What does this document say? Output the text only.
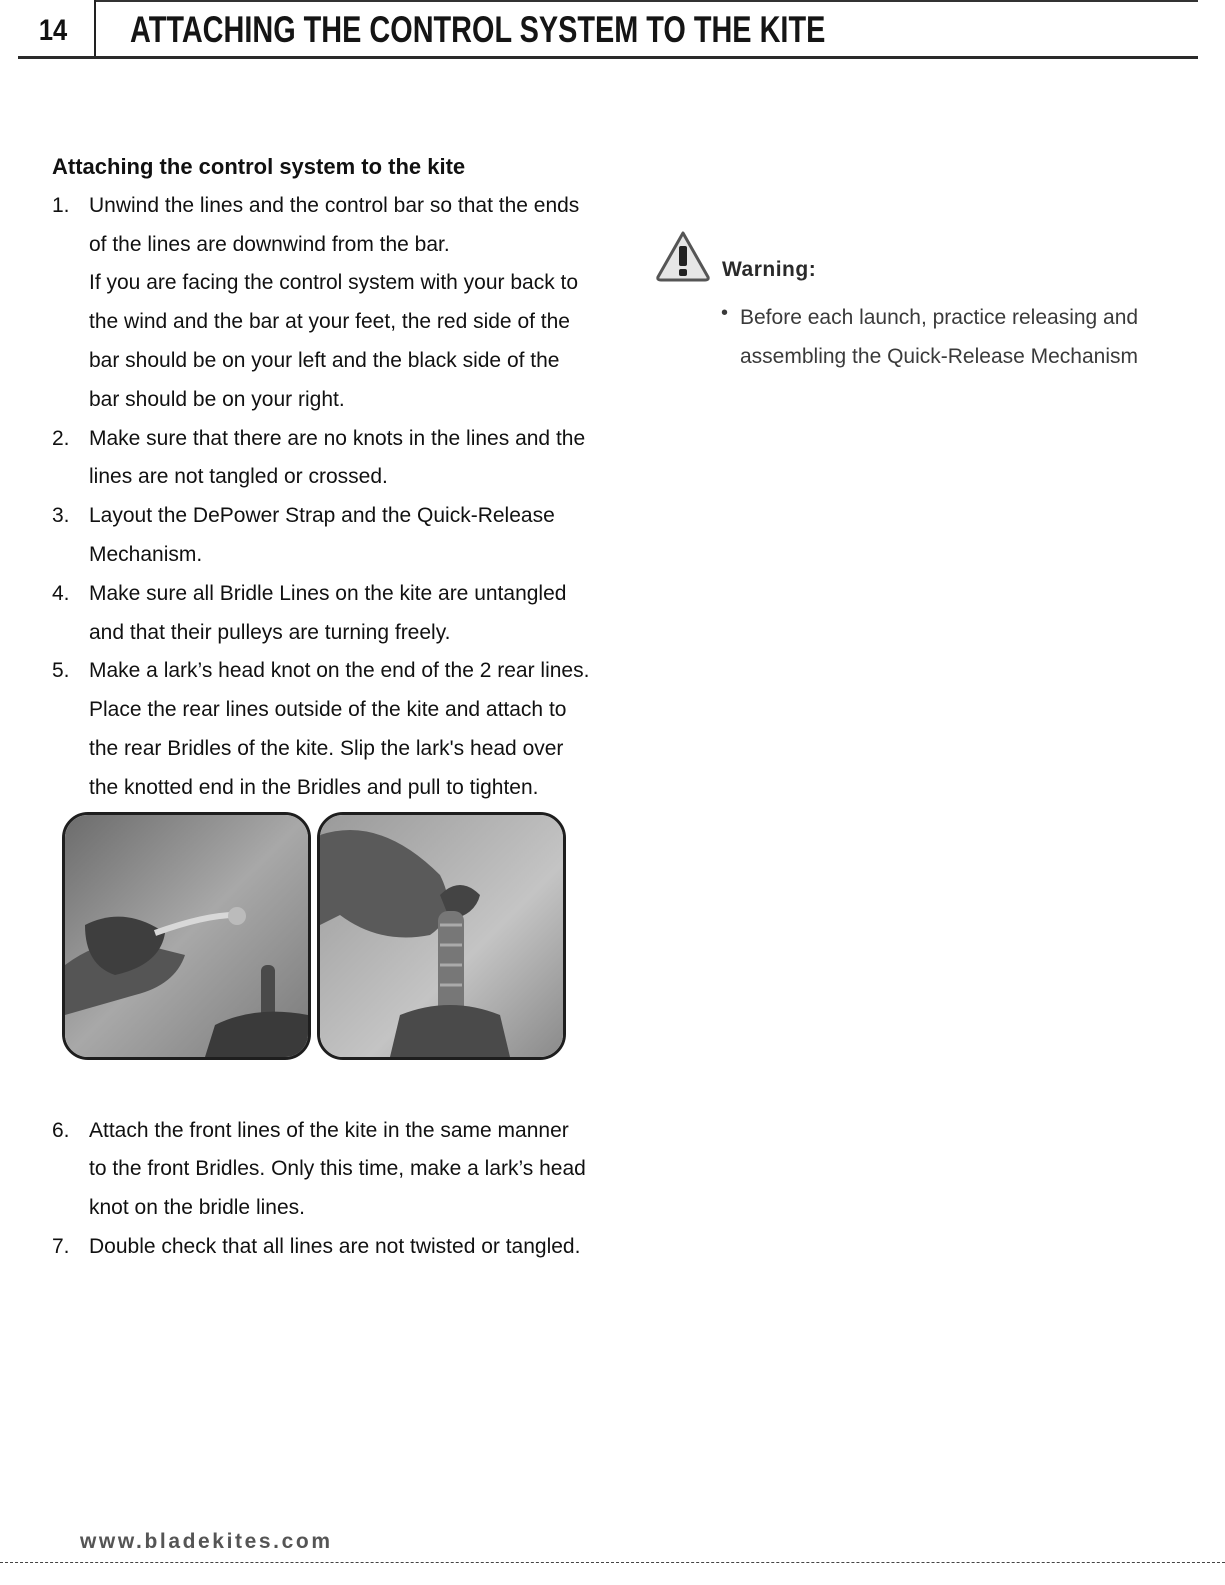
14	ATTACHING THE CONTROL SYSTEM TO THE KITE
Attaching the control system to the kite
1. Unwind the lines and the control bar so that the ends of the lines are downwind from the bar.

If you are facing the control system with your back to the wind and the bar at your feet, the red side of the bar should be on your left and the black side of the bar should be on your right.

2. Make sure that there are no knots in the lines and the lines are not tangled or crossed.

3. Layout the DePower Strap and the Quick-Release Mechanism.

4. Make sure all Bridle Lines on the kite are untangled and that their pulleys are turning freely.

5. Make a lark’s head knot on the end of the 2 rear lines. Place the rear lines outside of the kite and attach to the rear Bridles of the kite. Slip the lark's head over the knotted end in the Bridles and pull to tighten.

6. Attach the front lines of the kite in the same manner to the front Bridles. Only this time, make a lark’s head knot on the bridle lines.

7. Double check that all lines are not twisted or tangled.

Warning:
• Before each launch, practice releasing and assembling the Quick-Release Mechanism
www.bladekites.com
